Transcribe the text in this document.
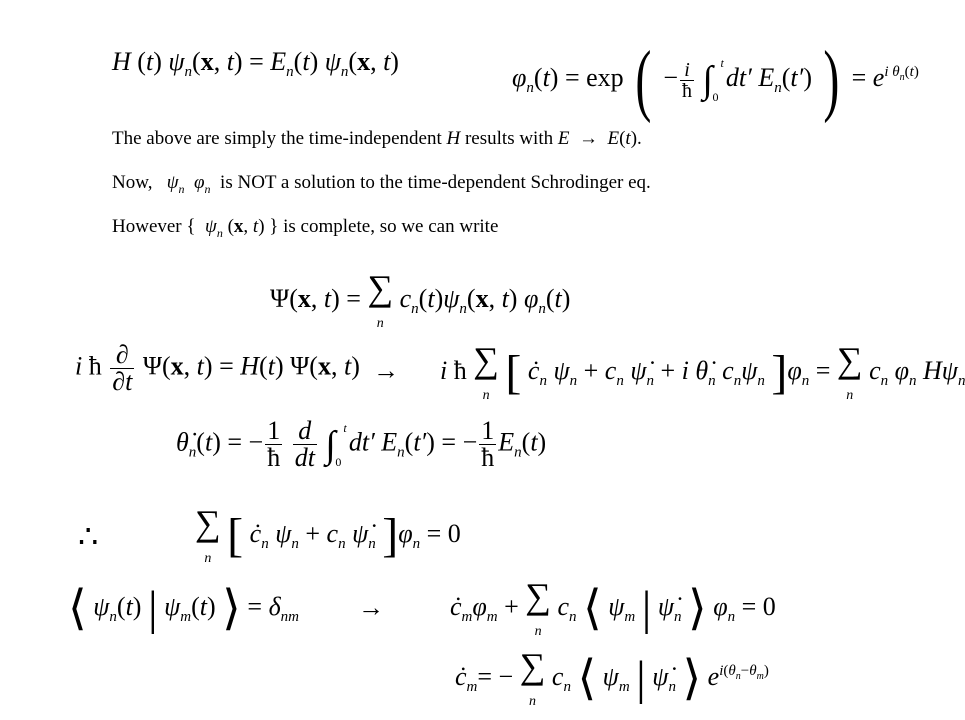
H (t) $\psi_n(x$, $t) = E_n(t)$ $\psi_n(x$, t)
$\varphi_n(t) = \exp$ ( − $\frac{i}{ħ}$ ∫ t
0
dt′ $E_n(t')$ ) = $e^{i \theta_n(t)}$
The above are simply the time-independent H results with E  →  E(t).
Now,   $\psi_n$ $\varphi_n$  is NOT a solution to the time-dependent Schrodinger eq.
However {  $\psi_n$ (x, t) } is complete, so we can write
Ψ(x, t) = ∑
n $c_n(t)\psi_n(x$, t) $\varphi_n(t)$
i ħ $\frac{\partial}{\partial t} \Psi(x$, t) = H(t) Ψ(x, t) → i ħ ∑
n [ $ċ_n$ $\psi_n + c_n$ $\psi̇_n + i$ $\thetȧ_n$ $c_n\psi_n$ ]$\varphi_n$ = ∑
n $c_n$ $\varphi_n$ $H\psi_n$
$\thetȧ_n(t)$ = − $\frac{1}{ħ}$
$\frac{d}{dt}$ ∫ t
0
dt′ $E_n(t')$ = − $\frac{1}{ħ} E_n(t)$
∴	∑
n [ $ċ_n$ $\psi_n + c_n$ $\psi̇_n$ ]$\varphi_n = 0$
⟨ $\psi_n(t)$ | $\psi_m(t)$ ⟩ = $\delta_{nm}$ →	$ċ_m\varphi_m$ + ∑
n $c_n$ ⟨ $\psi_m$ | $\psi̇_n$ ⟩ $\varphi_n = 0$
$ċ_m=$ − ∑
n $c_n$ ⟨ $\psi_m$ | $\psi̇_n$ ⟩ $e^{i(\theta_n-\theta_m)}$
